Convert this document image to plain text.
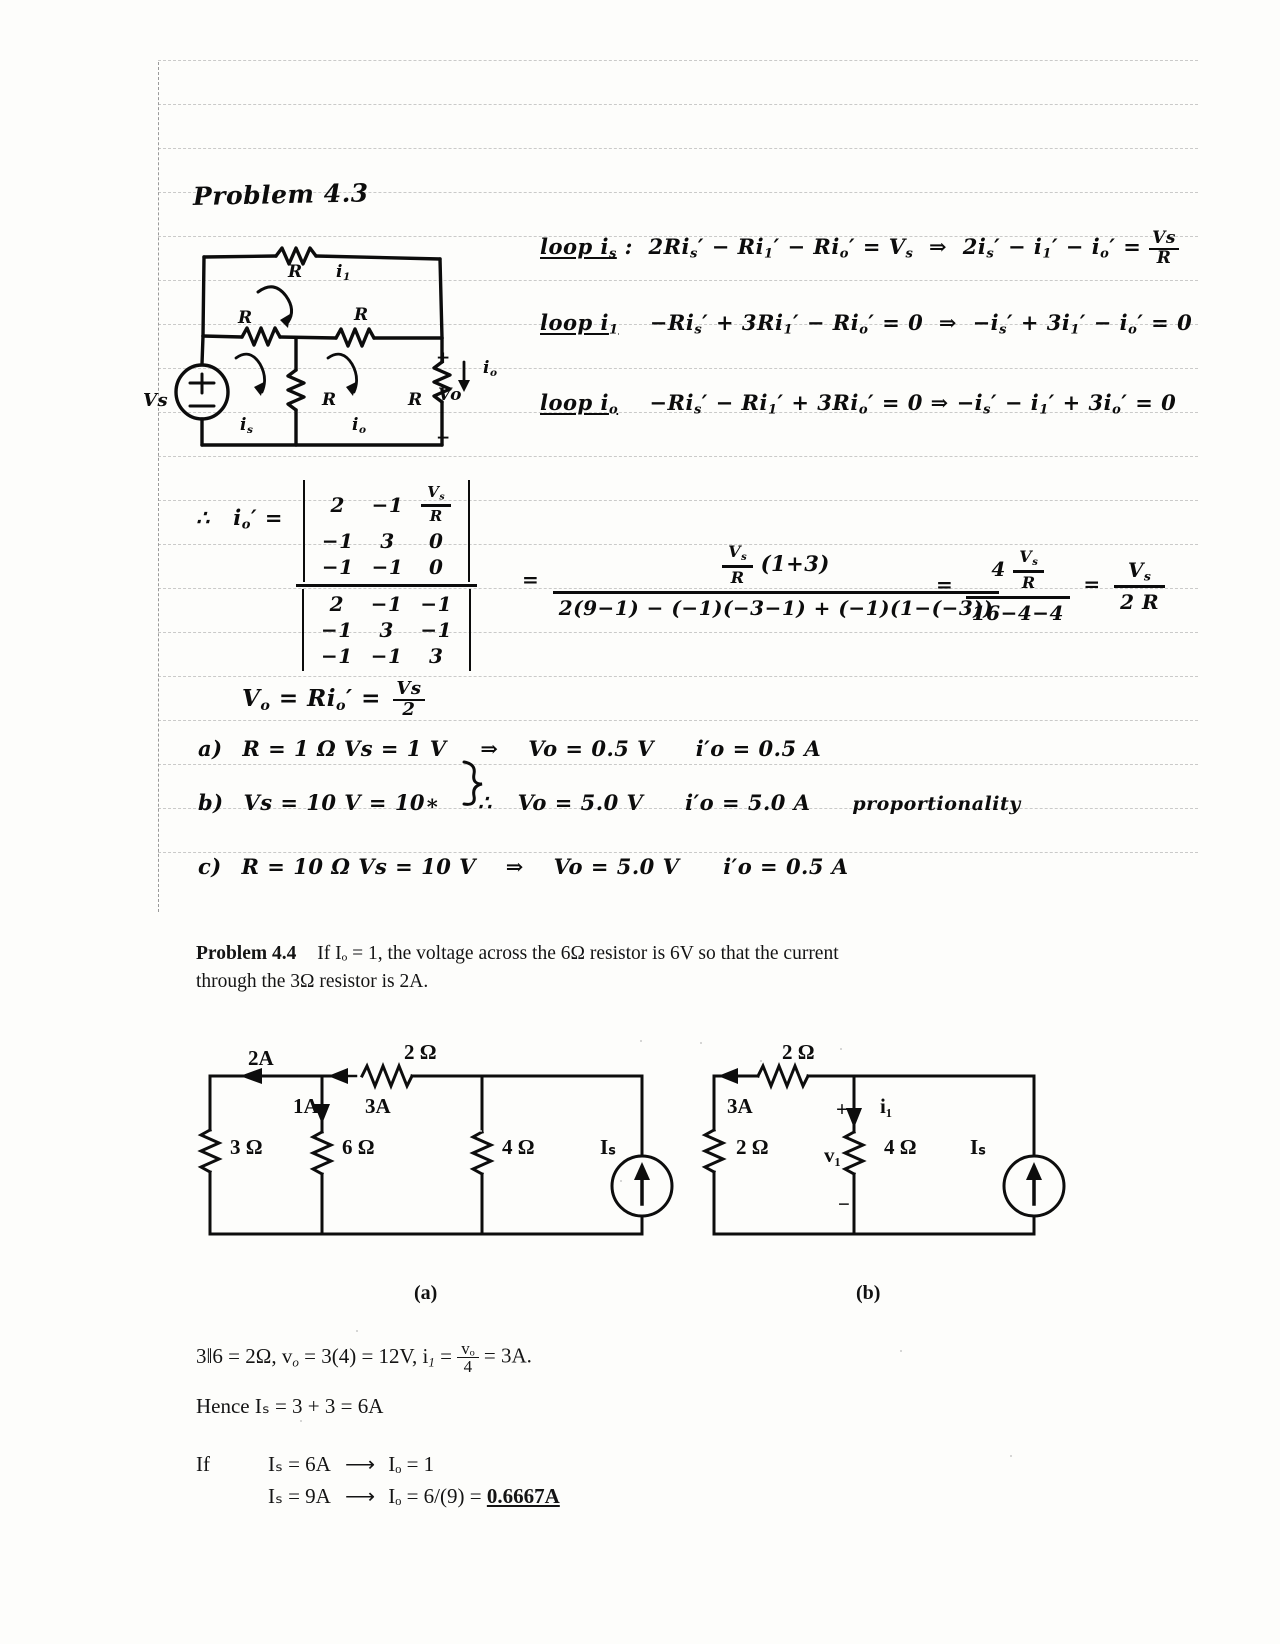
Problem 4.3
Vs
R
R	R
R	R
$i_1$
$i_s$	$i_o$
$i_o$
+
−
Vo
loop $i_s$ :  $2Ri_s' - Ri_1' - Ri_o' = V_s$  ⇒  $2i_s' - i_1' - i_o' = \frac{Vs}{R}$
loop $i_1$    $-Ri_s' + 3Ri_1' - Ri_o' = 0$  ⇒  $-i_s' + 3i_1' - i_o' = 0$
loop $i_o$    $-Ri_s' - Ri_1' + 3Ri_o' = 0$ ⇒ $-i_s' - i_1' + 3i_o' = 0$
∴   $i_o' = 2$	−1	$\frac{V_s}{R}$

−1	3	0
−1	−1	0
2	−1	−1
−1	3	−1
−1	−1	3
=	$\frac{V_s}{R} (1+3)$
2(9−1) − (−1)(−3−1) + (−1)(1−(−3))
=
$4 \frac{V_s}{R}$
16−4−4
= $\frac{V_s}{2 R}$
$V_o = Ri_o' = \frac{Vs}{2}$
a) R = 1 Ω Vs = 1 V ⇒ Vo = 0.5 V i′o = 0.5 A
b) Vs = 10 V = 10∗ ∴ Vo = 5.0 V i′o = 5.0 A proportionality
c) R = 10 Ω Vs = 10 V ⇒ Vo = 5.0 V i′o = 0.5 A
Problem 4.4 If Iₒ = 1, the voltage across the 6Ω resistor is 6V so that the current
through the 3Ω resistor is 2A.
2A	2 Ω
1A 3A
3 Ω	6 Ω	4 Ω	Iₛ
(a)
2 Ω
3A	i₁
2 Ω	4 Ω
v₁
+
−
Iₛ
(b)
3‖6 = 2Ω, $v_o = 3(4) = 12V$, $i_1 = \frac{\text{vₒ}}{4} = 3A$.
Hence Iₛ = 3 + 3 = 6A
If	Iₛ = 6A ⟶ Iₒ = 1
Iₛ = 9A ⟶ Iₒ = 6/(9) = 0.6667A
